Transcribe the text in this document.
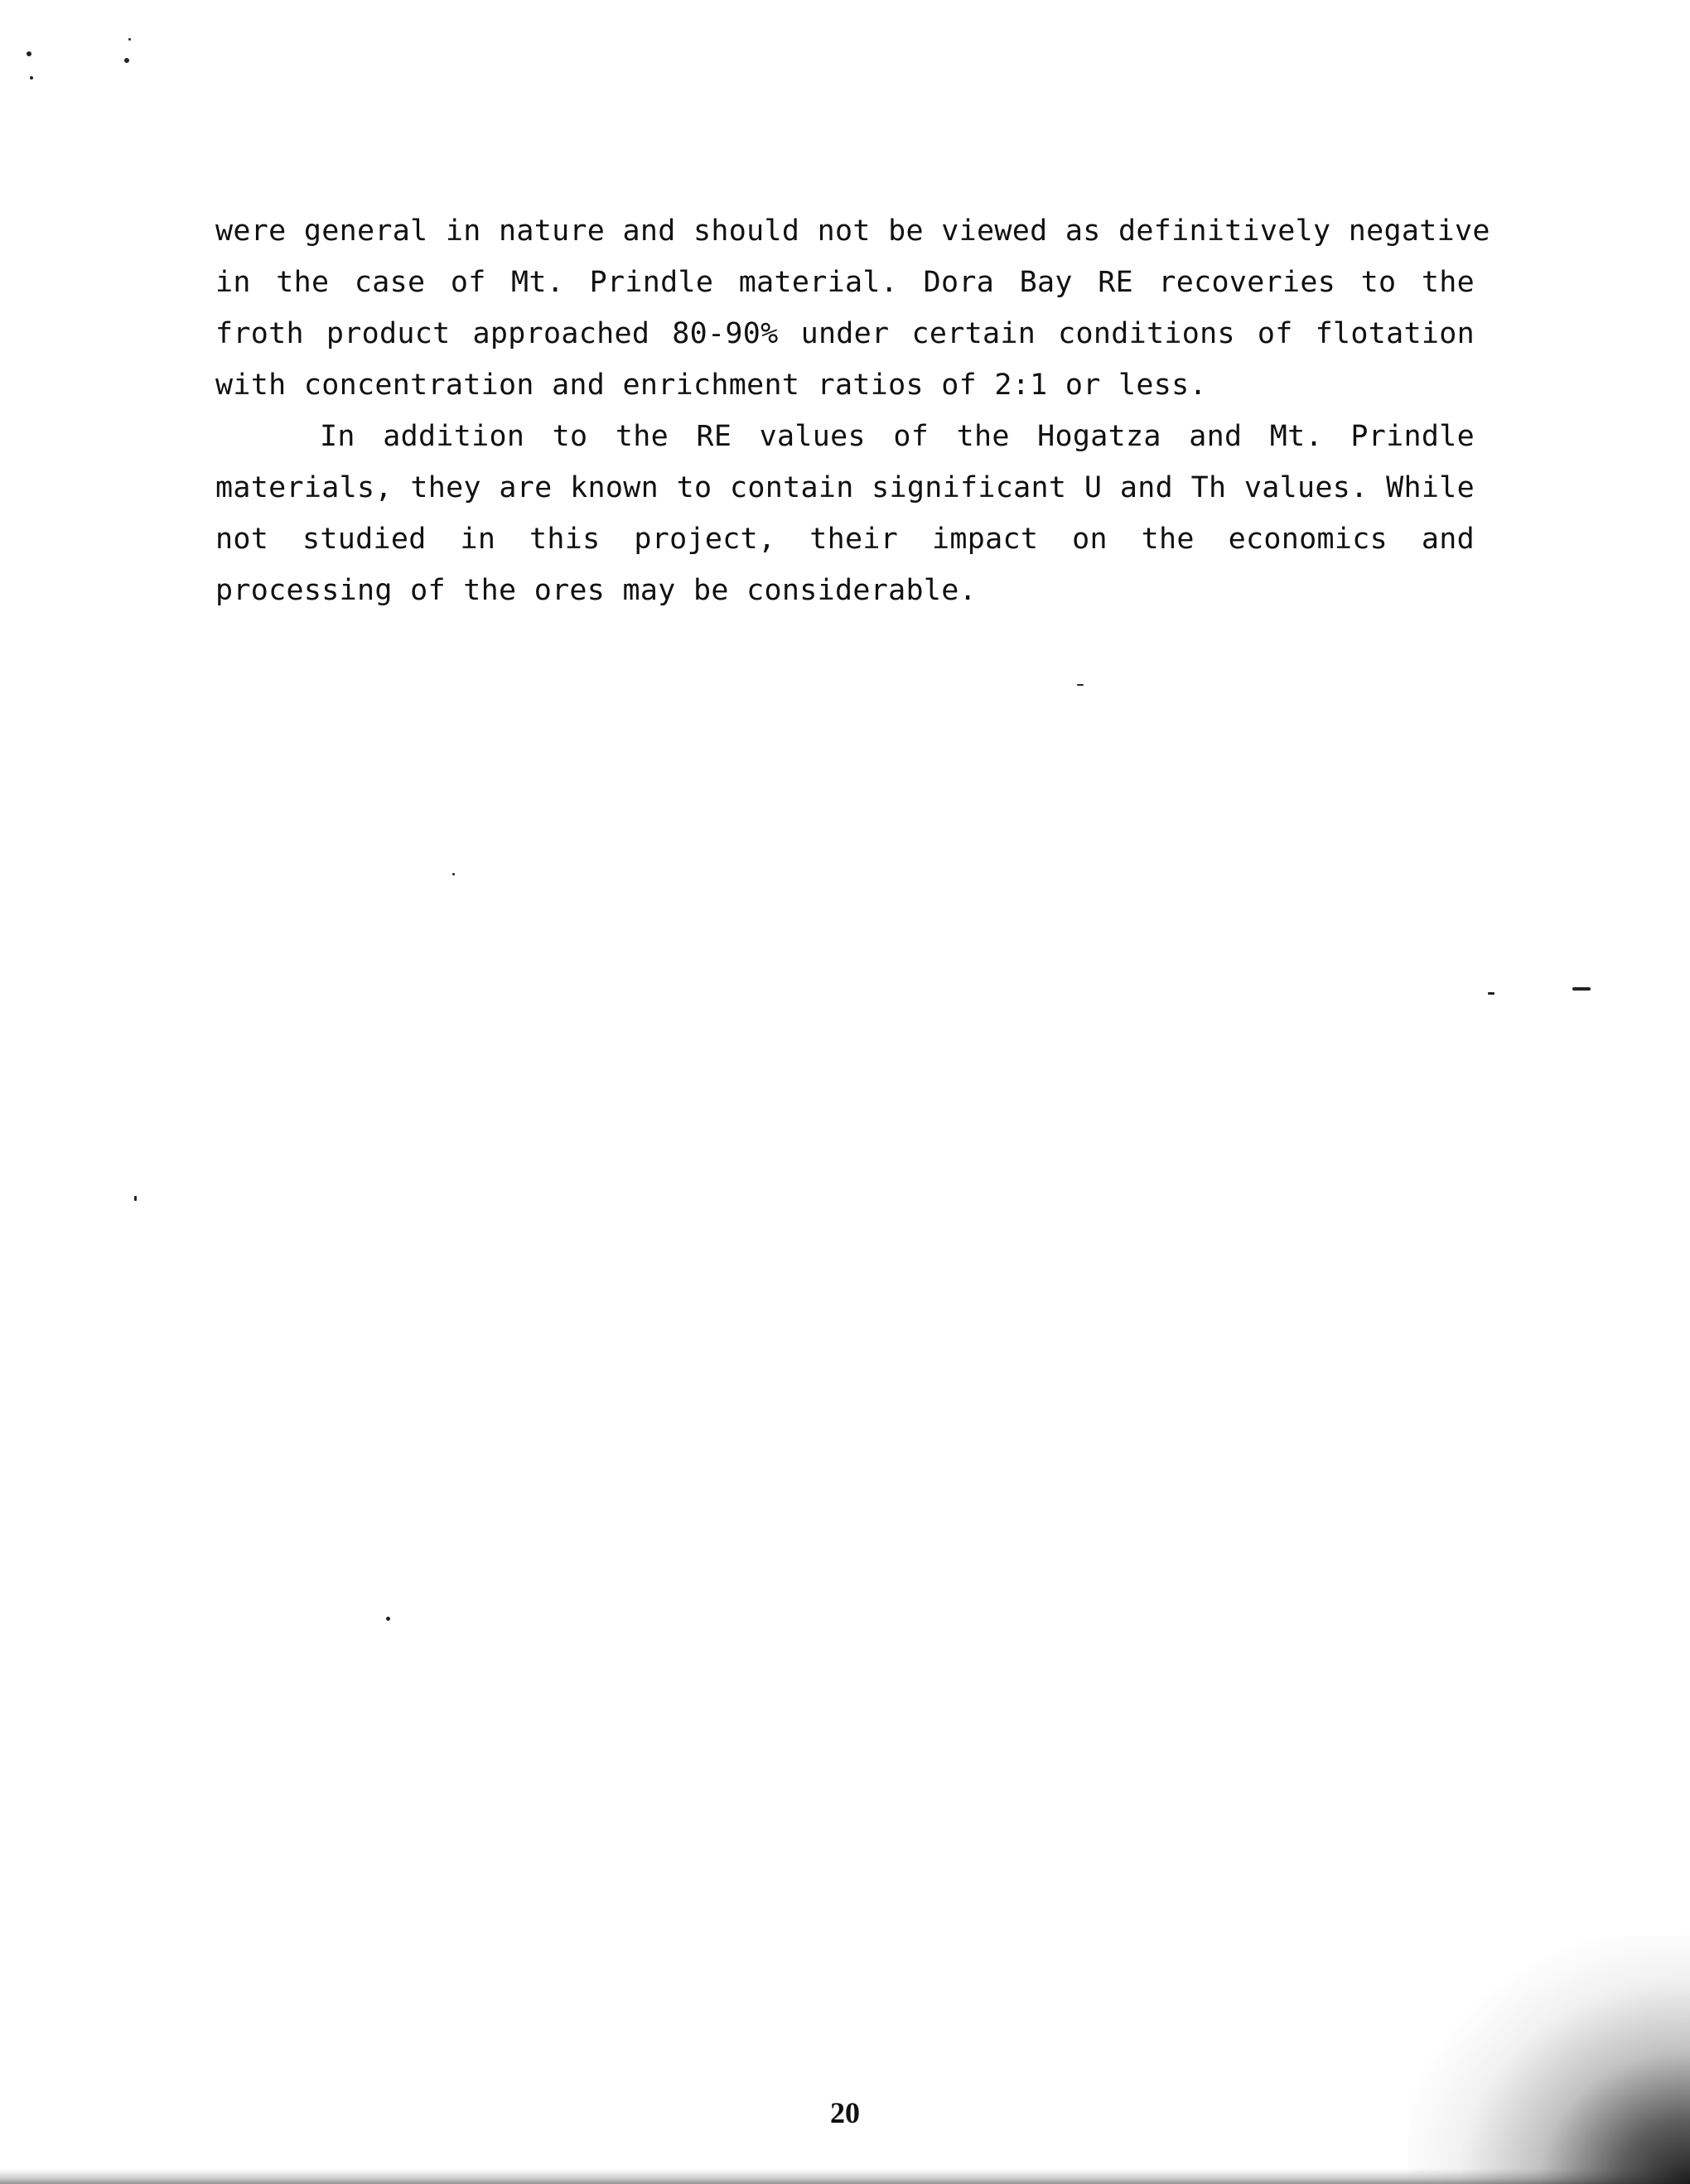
were general in nature and should not be viewed as definitively negative
in the case of Mt. Prindle material. Dora Bay RE recoveries to the
froth product approached 80-90% under certain conditions of flotation
with concentration and enrichment ratios of 2:1 or less.
In addition to the RE values of the Hogatza and Mt. Prindle
materials, they are known to contain significant U and Th values. While
not studied in this project, their impact on the economics and
processing of the ores may be considerable.
20
